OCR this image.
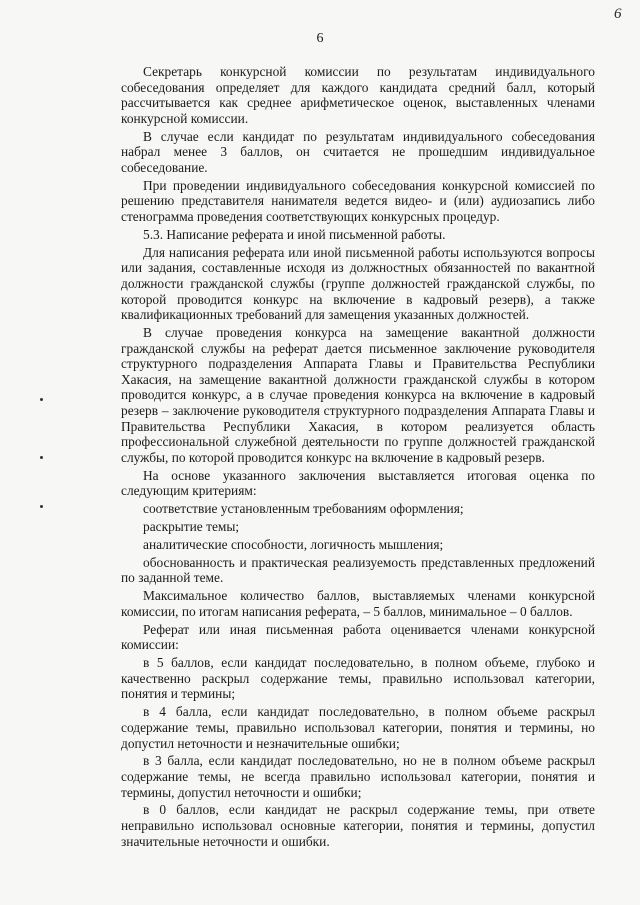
6
6

Секретарь конкурсной комиссии по результатам индивидуального собеседования определяет для каждого кандидата средний балл, который рассчитывается как среднее арифметическое оценок, выставленных членами конкурсной комиссии.

В случае если кандидат по результатам индивидуального собеседования набрал менее 3 баллов, он считается не прошедшим индивидуальное собеседование.

При проведении индивидуального собеседования конкурсной комиссией по решению представителя нанимателя ведется видео- и (или) аудиозапись либо стенограмма проведения соответствующих конкурсных процедур.

5.3. Написание реферата и иной письменной работы.

Для написания реферата или иной письменной работы используются вопросы или задания, составленные исходя из должностных обязанностей по вакантной должности гражданской службы (группе должностей гражданской службы, по которой проводится конкурс на включение в кадровый резерв), а также квалификационных требований для замещения указанных должностей.

В случае проведения конкурса на замещение вакантной должности гражданской службы на реферат дается письменное заключение руководителя структурного подразделения Аппарата Главы и Правительства Республики Хакасия, на замещение вакантной должности гражданской службы в котором проводится конкурс, а в случае проведения конкурса на включение в кадровый резерв – заключение руководителя структурного подразделения Аппарата Главы и Правительства Республики Хакасия, в котором реализуется область профессиональной служебной деятельности по группе должностей гражданской службы, по которой проводится конкурс на включение в кадровый резерв.

На основе указанного заключения выставляется итоговая оценка по следующим критериям:

соответствие установленным требованиям оформления;

раскрытие темы;

аналитические способности, логичность мышления;

обоснованность и практическая реализуемость представленных предложений по заданной теме.

Максимальное количество баллов, выставляемых членами конкурсной комиссии, по итогам написания реферата, – 5 баллов, минимальное – 0 баллов.

Реферат или иная письменная работа оценивается членами конкурсной комиссии:

в 5 баллов, если кандидат последовательно, в полном объеме, глубоко и качественно раскрыл содержание темы, правильно использовал категории, понятия и термины;

в 4 балла, если кандидат последовательно, в полном объеме раскрыл содержание темы, правильно использовал категории, понятия и термины, но допустил неточности и незначительные ошибки;

в 3 балла, если кандидат последовательно, но не в полном объеме раскрыл содержание темы, не всегда правильно использовал категории, понятия и термины, допустил неточности и ошибки;

в 0 баллов, если кандидат не раскрыл содержание темы, при ответе неправильно использовал основные категории, понятия и термины, допустил значительные неточности и ошибки.
